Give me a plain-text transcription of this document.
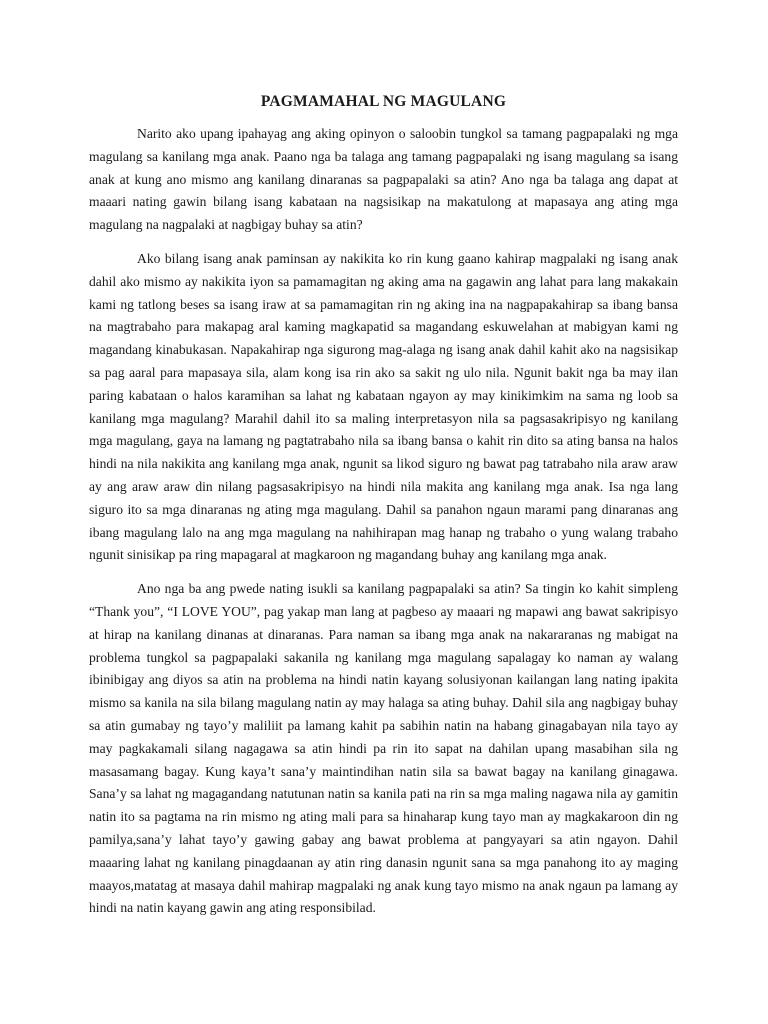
PAGMAMAHAL NG MAGULANG

Narito ako upang ipahayag ang aking opinyon o saloobin tungkol sa tamang pagpapalaki ng mga magulang sa kanilang mga anak. Paano nga ba talaga ang tamang pagpapalaki ng isang magulang sa isang anak at kung ano mismo ang kanilang dinaranas sa pagpapalaki sa atin? Ano nga ba talaga ang dapat at maaari nating gawin bilang isang kabataan na nagsisikap na makatulong at mapasaya ang ating mga magulang na nagpalaki at nagbigay buhay sa atin?

Ako bilang isang anak paminsan ay nakikita ko rin kung gaano kahirap magpalaki ng isang anak dahil ako mismo ay nakikita iyon sa pamamagitan ng aking ama na gagawin ang lahat para lang makakain kami ng tatlong beses sa isang iraw at sa pamamagitan rin ng aking ina na nagpapakahirap sa ibang bansa na magtrabaho para makapag aral kaming magkapatid sa magandang eskuwelahan at mabigyan kami ng magandang kinabukasan. Napakahirap nga sigurong mag-alaga ng isang anak dahil kahit ako na nagsisikap sa pag aaral para mapasaya sila, alam kong isa rin ako sa sakit ng ulo nila. Ngunit bakit nga ba may ilan paring kabataan o halos karamihan sa lahat ng kabataan ngayon ay may kinikimkim na sama ng loob sa kanilang mga magulang? Marahil dahil ito sa maling interpretasyon nila sa pagsasakripisyo ng kanilang mga magulang, gaya na lamang ng pagtatrabaho nila sa ibang bansa o kahit rin dito sa ating bansa na halos hindi na nila nakikita ang kanilang mga anak, ngunit sa likod siguro ng bawat pag tatrabaho nila araw araw ay ang araw araw din nilang pagsasakripisyo na hindi nila makita ang kanilang mga anak. Isa nga lang siguro ito sa mga dinaranas ng ating mga magulang. Dahil sa panahon ngaun marami pang dinaranas ang ibang magulang lalo na ang mga magulang na nahihirapan mag hanap ng trabaho o yung walang trabaho ngunit sinisikap pa ring mapagaral at magkaroon ng magandang buhay ang kanilang mga anak.

Ano nga ba ang pwede nating isukli sa kanilang pagpapalaki sa atin? Sa tingin ko kahit simpleng “Thank you”, “I LOVE YOU”, pag yakap man lang at pagbeso ay maaari ng mapawi ang bawat sakripisyo at hirap na kanilang dinanas at dinaranas. Para naman sa ibang mga anak na nakararanas ng mabigat na problema tungkol sa pagpapalaki sakanila ng kanilang mga magulang sapalagay ko naman ay walang ibinibigay ang diyos sa atin na problema na hindi natin kayang solusiyonan kailangan lang nating ipakita mismo sa kanila na sila bilang magulang natin ay may halaga sa ating buhay. Dahil sila ang nagbigay buhay sa atin gumabay ng tayo’y maliliit pa lamang kahit pa sabihin natin na habang ginagabayan nila tayo ay may pagkakamali silang nagagawa sa atin hindi pa rin ito sapat na dahilan upang masabihan sila ng masasamang bagay. Kung kaya’t sana’y maintindihan natin sila sa bawat bagay na kanilang ginagawa. Sana’y sa lahat ng magagandang natutunan natin sa kanila pati na rin sa mga maling nagawa nila ay gamitin natin ito sa pagtama na rin mismo ng ating mali para sa hinaharap kung tayo man ay magkakaroon din ng pamilya,sana’y lahat tayo’y gawing gabay ang bawat problema at pangyayari sa atin ngayon. Dahil maaaring lahat ng kanilang pinagdaanan ay atin ring danasin ngunit sana sa mga panahong ito ay maging maayos,matatag at masaya dahil mahirap magpalaki ng anak kung tayo mismo na anak ngaun pa lamang ay hindi na natin kayang gawin ang ating responsibilad.
